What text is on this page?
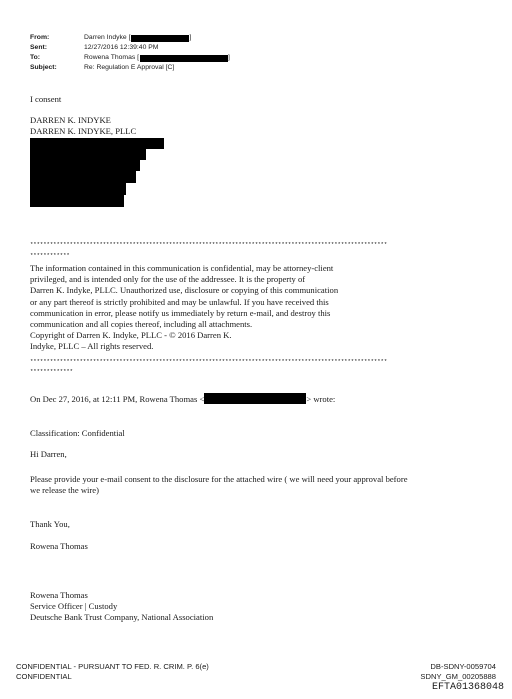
From:	Darren Indyke [	]
Sent:	12/27/2016 12:39:40 PM
To:	Rowena Thomas [	]
Subject:	Re: Regulation E Approval [C]
I consent
DARREN K. INDYKE
DARREN K. INDYKE, PLLC
************************************************************************************************************
************
The information contained in this communication is confidential, may be attorney-client
privileged, and is intended only for the use of the addressee. It is the property of
Darren K. Indyke, PLLC. Unauthorized use, disclosure or copying of this communication
or any part thereof is strictly prohibited and may be unlawful. If you have received this
communication in error, please notify us immediately by return e-mail, and destroy this
communication and all copies thereof, including all attachments.
Copyright of Darren K. Indyke, PLLC - © 2016 Darren K.
Indyke, PLLC – All rights reserved.
************************************************************************************************************
*************
On Dec 27, 2016, at 12:11 PM, Rowena Thomas <	> wrote:
Classification: Confidential
Hi Darren,
Please provide your e-mail consent to the disclosure for the attached wire ( we will need your approval before
we release the wire)
Thank You,
Rowena Thomas
Rowena Thomas
Service Officer | Custody
Deutsche Bank Trust Company, National Association
CONFIDENTIAL - PURSUANT TO FED. R. CRIM. P. 6(e)
CONFIDENTIAL
DB-SDNY-0059704
SDNY_GM_00205888
EFTA01368048
